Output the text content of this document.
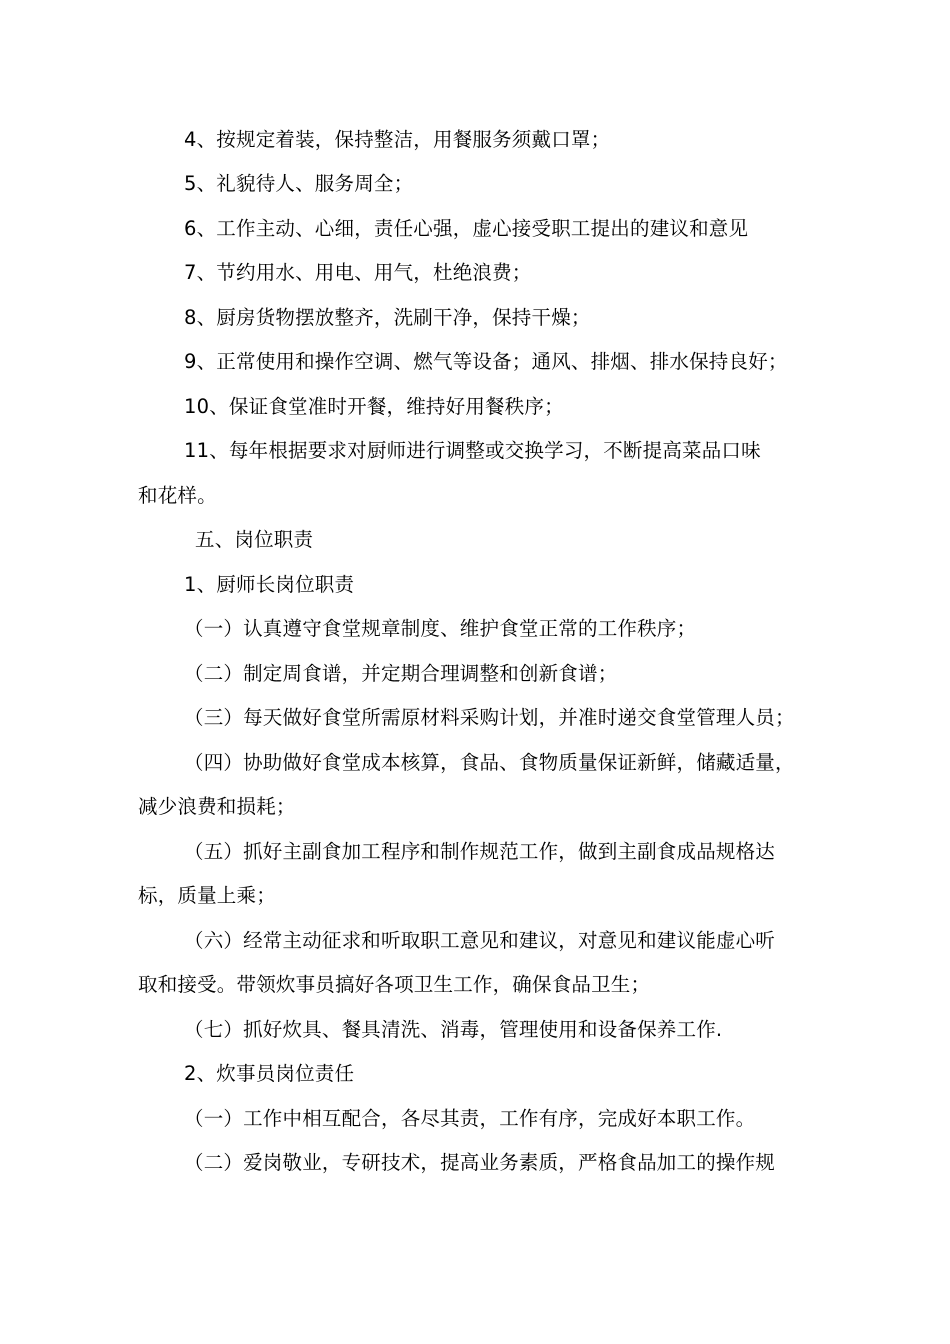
4、按规定着装，保持整洁，用餐服务须戴口罩；
5、礼貌待人、服务周全；
6、工作主动、心细，责任心强，虚心接受职工提出的建议和意见
7、节约用水、用电、用气，杜绝浪费；
8、厨房货物摆放整齐，洗刷干净，保持干燥；
9、正常使用和操作空调、燃气等设备；通风、排烟、排水保持良好；
10、保证食堂准时开餐，维持好用餐秩序；
11、每年根据要求对厨师进行调整或交换学习，不断提高菜品口味
和花样。
五、岗位职责
1、厨师长岗位职责
（一）认真遵守食堂规章制度、维护食堂正常的工作秩序；
（二）制定周食谱，并定期合理调整和创新食谱；
（三）每天做好食堂所需原材料采购计划，并准时递交食堂管理人员；
（四）协助做好食堂成本核算，食品、食物质量保证新鲜，储藏适量，
减少浪费和损耗；
（五）抓好主副食加工程序和制作规范工作，做到主副食成品规格达
标，质量上乘；
（六）经常主动征求和听取职工意见和建议，对意见和建议能虚心听
取和接受。带领炊事员搞好各项卫生工作，确保食品卫生；
（七）抓好炊具、餐具清洗、消毒，管理使用和设备保养工作.
2、炊事员岗位责任
（一）工作中相互配合，各尽其责，工作有序，完成好本职工作。
（二）爱岗敬业，专研技术，提高业务素质，严格食品加工的操作规
